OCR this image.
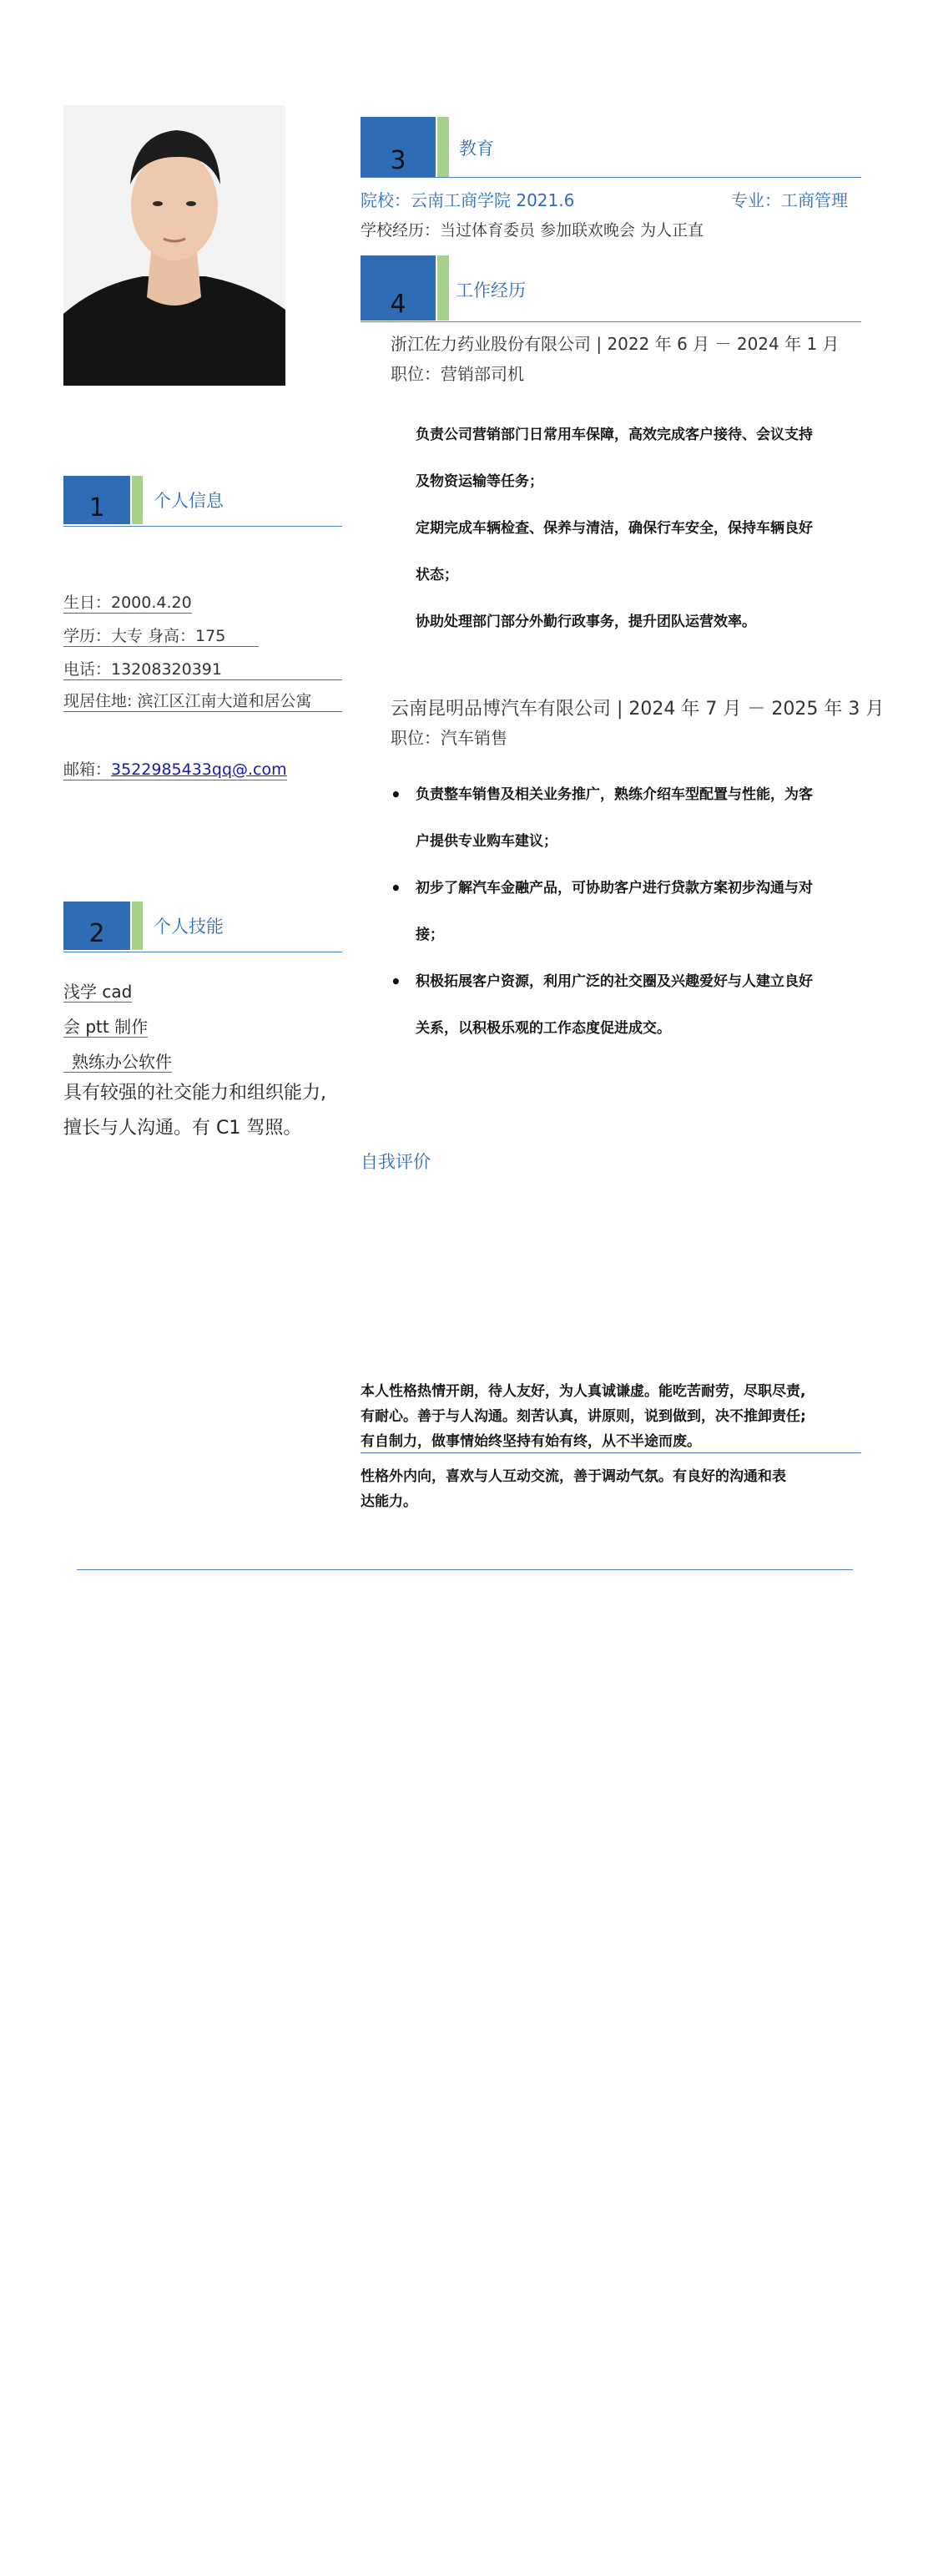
1	个人信息
生日：2000.4.20
学历：大专 身高：175
电话：13208320391
现居住地: 滨江区江南大道和居公寓
邮箱：3522985433qq@.com
2	个人技能
浅学 cad
会 ptt 制作
熟练办公软件
具有较强的社交能力和组织能力,
擅长与人沟通。有 C1 驾照。
3	教育
院校：云南工商学院 2021.6	专业：工商管理
学校经历：当过体育委员 参加联欢晚会 为人正直
4	工作经历
浙江佐力药业股份有限公司 | 2022 年 6 月 － 2024 年 1 月
职位：营销部司机
负责公司营销部门日常用车保障，高效完成客户接待、会议支持
及物资运输等任务；
定期完成车辆检查、保养与清洁，确保行车安全，保持车辆良好
状态；
协助处理部门部分外勤行政事务，提升团队运营效率。
云南昆明品博汽车有限公司 | 2024 年 7 月 － 2025 年 3 月
职位：汽车销售
• 负责整车销售及相关业务推广，熟练介绍车型配置与性能，为客
户提供专业购车建议；
• 初步了解汽车金融产品，可协助客户进行贷款方案初步沟通与对
接；
• 积极拓展客户资源，利用广泛的社交圈及兴趣爱好与人建立良好
关系，以积极乐观的工作态度促进成交。
自我评价
本人性格热情开朗，待人友好，为人真诚谦虚。能吃苦耐劳，尽职尽责,
有耐心。善于与人沟通。刻苦认真，讲原则，说到做到，决不推卸责任;
有自制力，做事情始终坚持有始有终，从不半途而废。
性格外内向，喜欢与人互动交流，善于调动气氛。有良好的沟通和表
达能力。
